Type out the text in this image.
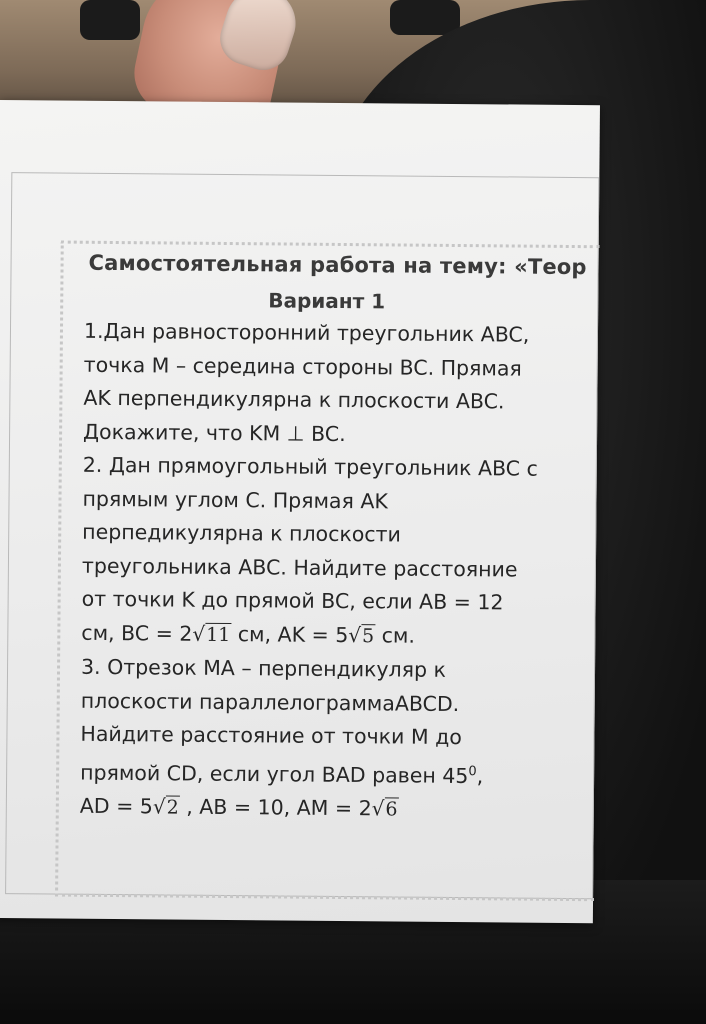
Самостоятельная работа на тему: «Теор
Вариант 1
1.Дан равносторонний треугольник ABC,
точка M – середина стороны BC. Прямая
AK перпендикулярна к плоскости ABC.
Докажите, что KM ⊥ BC.
2. Дан прямоугольный треугольник ABC с
прямым углом C. Прямая AK
перпедикулярна к плоскости
треугольника ABC. Найдите расстояние
от точки K до прямой BC, если AB = 12
см, BC = 2√11 см, AK = 5√5 см.
3. Отрезок MA – перпендикуляр к
плоскости параллелограммаABCD.
Найдите расстояние от точки M до
прямой CD, если угол BAD равен $45^0$,
AD = 5√2 , AB = 10, AM = 2√6
